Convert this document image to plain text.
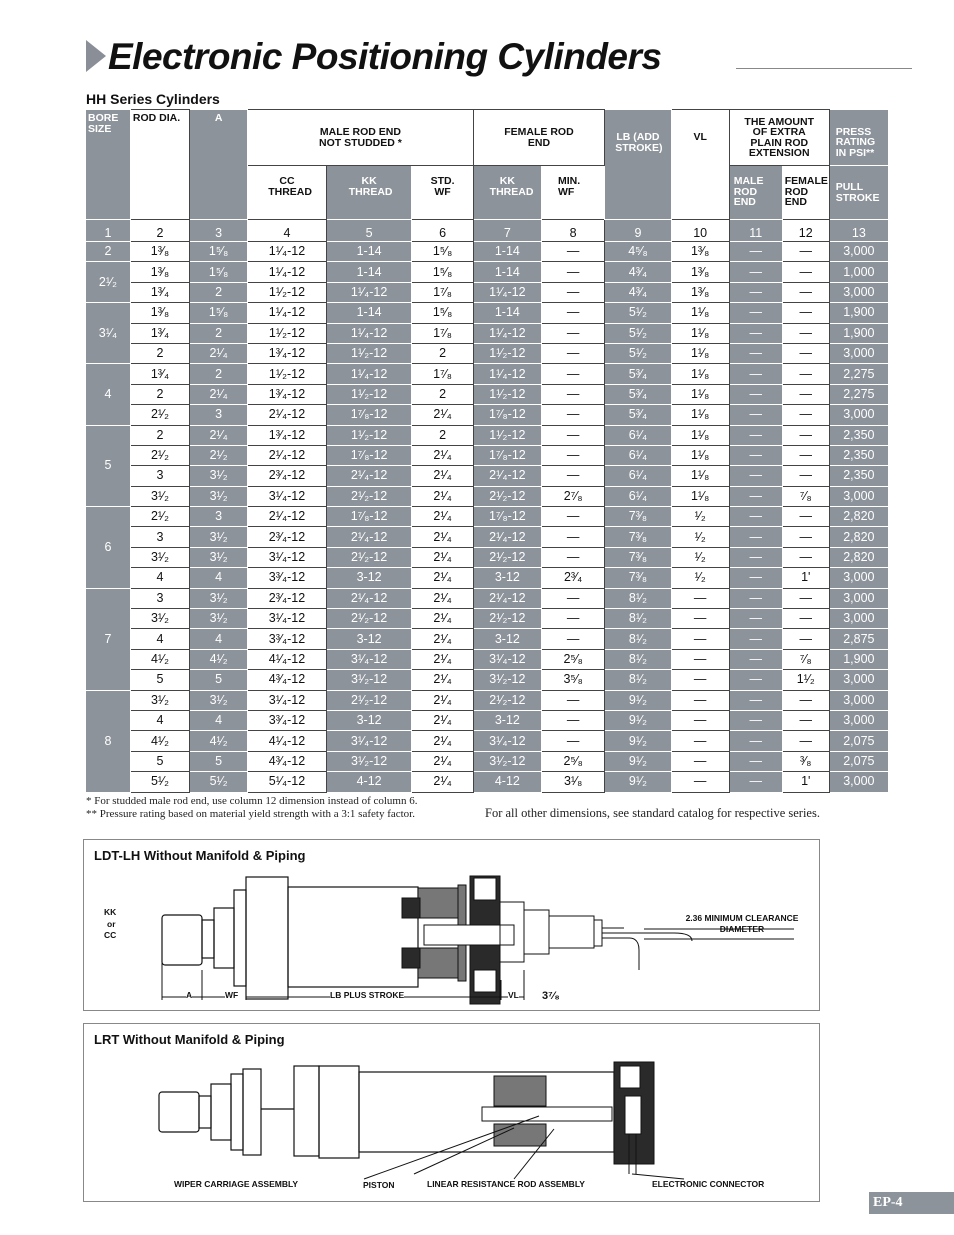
Electronic Positioning Cylinders
HH Series Cylinders
BORE SIZE	ROD DIA.	A	MALE ROD END NOT STUDDED *			FEMALE ROD END		LB (ADD STROKE)	VL	THE AMOUNT OF EXTRA PLAIN ROD EXTENSION		PRESS RATING IN PSI**
			CC THREAD	KK THREAD	STD. WF	KK THREAD	MIN. WF			MALE ROD END	FEMALE ROD END	PULL STROKE
1	2	3	4	5	6	7	8	9	10	11	12	13
2	1³⁄₈	1⁵⁄₈	1¹⁄₄-12	1-14	1⁵⁄₈	1-14	—	4⁵⁄₈	1³⁄₈	—	—	3,000
2¹⁄₂	1³⁄₈	1⁵⁄₈	1¹⁄₄-12	1-14	1⁵⁄₈	1-14	—	4³⁄₄	1³⁄₈	—	—	1,000
	1³⁄₄	2	1¹⁄₂-12	1¹⁄₄-12	1⁷⁄₈	1¹⁄₄-12	—	4³⁄₄	1³⁄₈	—	—	3,000
3¹⁄₄	1³⁄₈	1⁵⁄₈	1¹⁄₄-12	1-14	1⁵⁄₈	1-14	—	5¹⁄₂	1¹⁄₈	—	—	1,900
	1³⁄₄	2	1¹⁄₂-12	1¹⁄₄-12	1⁷⁄₈	1¹⁄₄-12	—	5¹⁄₂	1¹⁄₈	—	—	1,900
	2	2¹⁄₄	1³⁄₄-12	1¹⁄₂-12	2	1¹⁄₂-12	—	5¹⁄₂	1¹⁄₈	—	—	3,000
4	1³⁄₄	2	1¹⁄₂-12	1¹⁄₄-12	1⁷⁄₈	1¹⁄₄-12	—	5³⁄₄	1¹⁄₈	—	—	2,275
	2	2¹⁄₄	1³⁄₄-12	1¹⁄₂-12	2	1¹⁄₂-12	—	5³⁄₄	1¹⁄₈	—	—	2,275
	2¹⁄₂	3	2¹⁄₄-12	1⁷⁄₈-12	2¹⁄₄	1⁷⁄₈-12	—	5³⁄₄	1¹⁄₈	—	—	3,000
5	2	2¹⁄₄	1³⁄₄-12	1¹⁄₂-12	2	1¹⁄₂-12	—	6¹⁄₄	1¹⁄₈	—	—	2,350
	2¹⁄₂	2¹⁄₂	2¹⁄₄-12	1⁷⁄₈-12	2¹⁄₄	1⁷⁄₈-12	—	6¹⁄₄	1¹⁄₈	—	—	2,350
	3	3¹⁄₂	2³⁄₄-12	2¹⁄₄-12	2¹⁄₄	2¹⁄₄-12	—	6¹⁄₄	1¹⁄₈	—	—	2,350
	3¹⁄₂	3¹⁄₂	3¹⁄₄-12	2¹⁄₂-12	2¹⁄₄	2¹⁄₂-12	2⁷⁄₈	6¹⁄₄	1¹⁄₈	—	⁷⁄₈	3,000
6	2¹⁄₂	3	2¹⁄₄-12	1⁷⁄₈-12	2¹⁄₄	1⁷⁄₈-12	—	7³⁄₈	¹⁄₂	—	—	2,820
	3	3¹⁄₂	2³⁄₄-12	2¹⁄₄-12	2¹⁄₄	2¹⁄₄-12	—	7³⁄₈	¹⁄₂	—	—	2,820
	3¹⁄₂	3¹⁄₂	3¹⁄₄-12	2¹⁄₂-12	2¹⁄₄	2¹⁄₂-12	—	7³⁄₈	¹⁄₂	—	—	2,820
	4	4	3³⁄₄-12	3-12	2¹⁄₄	3-12	2³⁄₄	7³⁄₈	¹⁄₂	—	1'	3,000
7	3	3¹⁄₂	2³⁄₄-12	2¹⁄₄-12	2¹⁄₄	2¹⁄₄-12	—	8¹⁄₂	—	—	—	3,000
	3¹⁄₂	3¹⁄₂	3¹⁄₄-12	2¹⁄₂-12	2¹⁄₄	2¹⁄₂-12	—	8¹⁄₂	—	—	—	3,000
	4	4	3³⁄₄-12	3-12	2¹⁄₄	3-12	—	8¹⁄₂	—	—	—	2,875
	4¹⁄₂	4¹⁄₂	4¹⁄₄-12	3¹⁄₄-12	2¹⁄₄	3¹⁄₄-12	2⁵⁄₈	8¹⁄₂	—	—	⁷⁄₈	1,900
	5	5	4³⁄₄-12	3¹⁄₂-12	2¹⁄₄	3¹⁄₂-12	3⁵⁄₈	8¹⁄₂	—	—	1¹⁄₂	3,000
8	3¹⁄₂	3¹⁄₂	3¹⁄₄-12	2¹⁄₂-12	2¹⁄₄	2¹⁄₂-12	—	9¹⁄₂	—	—	—	3,000
	4	4	3³⁄₄-12	3-12	2¹⁄₄	3-12	—	9¹⁄₂	—	—	—	3,000
	4¹⁄₂	4¹⁄₂	4¹⁄₄-12	3¹⁄₄-12	2¹⁄₄	3¹⁄₄-12	—	9¹⁄₂	—	—	—	2,075
	5	5	4³⁄₄-12	3¹⁄₂-12	2¹⁄₄	3¹⁄₂-12	2⁵⁄₈	9¹⁄₂	—	—	³⁄₈	2,075
	5¹⁄₂	5¹⁄₂	5¹⁄₄-12	4-12	2¹⁄₄	4-12	3¹⁄₈	9¹⁄₂	—	—	1'	3,000
* For studded male rod end, use column 12 dimension instead of column 6.
** Pressure rating based on material yield strength with a 3:1 safety factor.	For all other dimensions, see standard catalog for respective series.
LDT-LH Without Manifold & Piping
KK
or
CC
2.36 MINIMUM CLEARANCE DIAMETER
A	WF	LB PLUS STROKE	VL 3⁷⁄₈
LRT Without Manifold & Piping
WIPER CARRIAGE ASSEMBLY	PISTON	LINEAR RESISTANCE ROD ASSEMBLY	ELECTRONIC CONNECTOR
EP-4
